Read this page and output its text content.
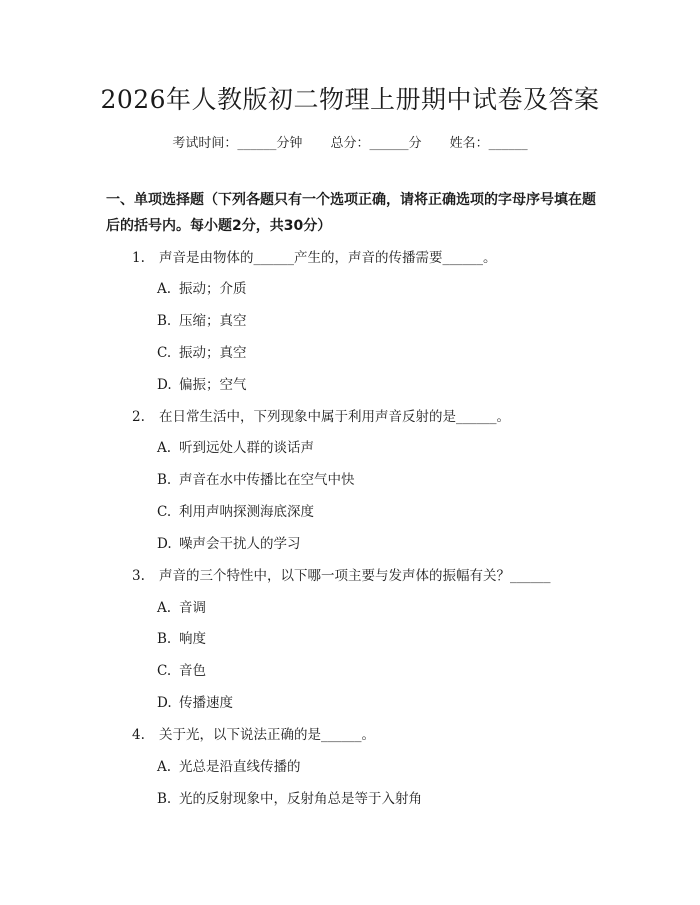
2026年人教版初二物理上册期中试卷及答案
考试时间：______分钟 总分：______分 姓名：______
一、单项选择题（下列各题只有一个选项正确，请将正确选项的字母序号填在题后的括号内。每小题2分，共30分）
1. 声音是由物体的______产生的，声音的传播需要______。
A. 振动；介质
B. 压缩；真空
C. 振动；真空
D. 偏振；空气
2. 在日常生活中，下列现象中属于利用声音反射的是______。
A. 听到远处人群的谈话声
B. 声音在水中传播比在空气中快
C. 利用声呐探测海底深度
D. 噪声会干扰人的学习
3. 声音的三个特性中，以下哪一项主要与发声体的振幅有关？______
A. 音调
B. 响度
C. 音色
D. 传播速度
4. 关于光，以下说法正确的是______。
A. 光总是沿直线传播的
B. 光的反射现象中，反射角总是等于入射角
